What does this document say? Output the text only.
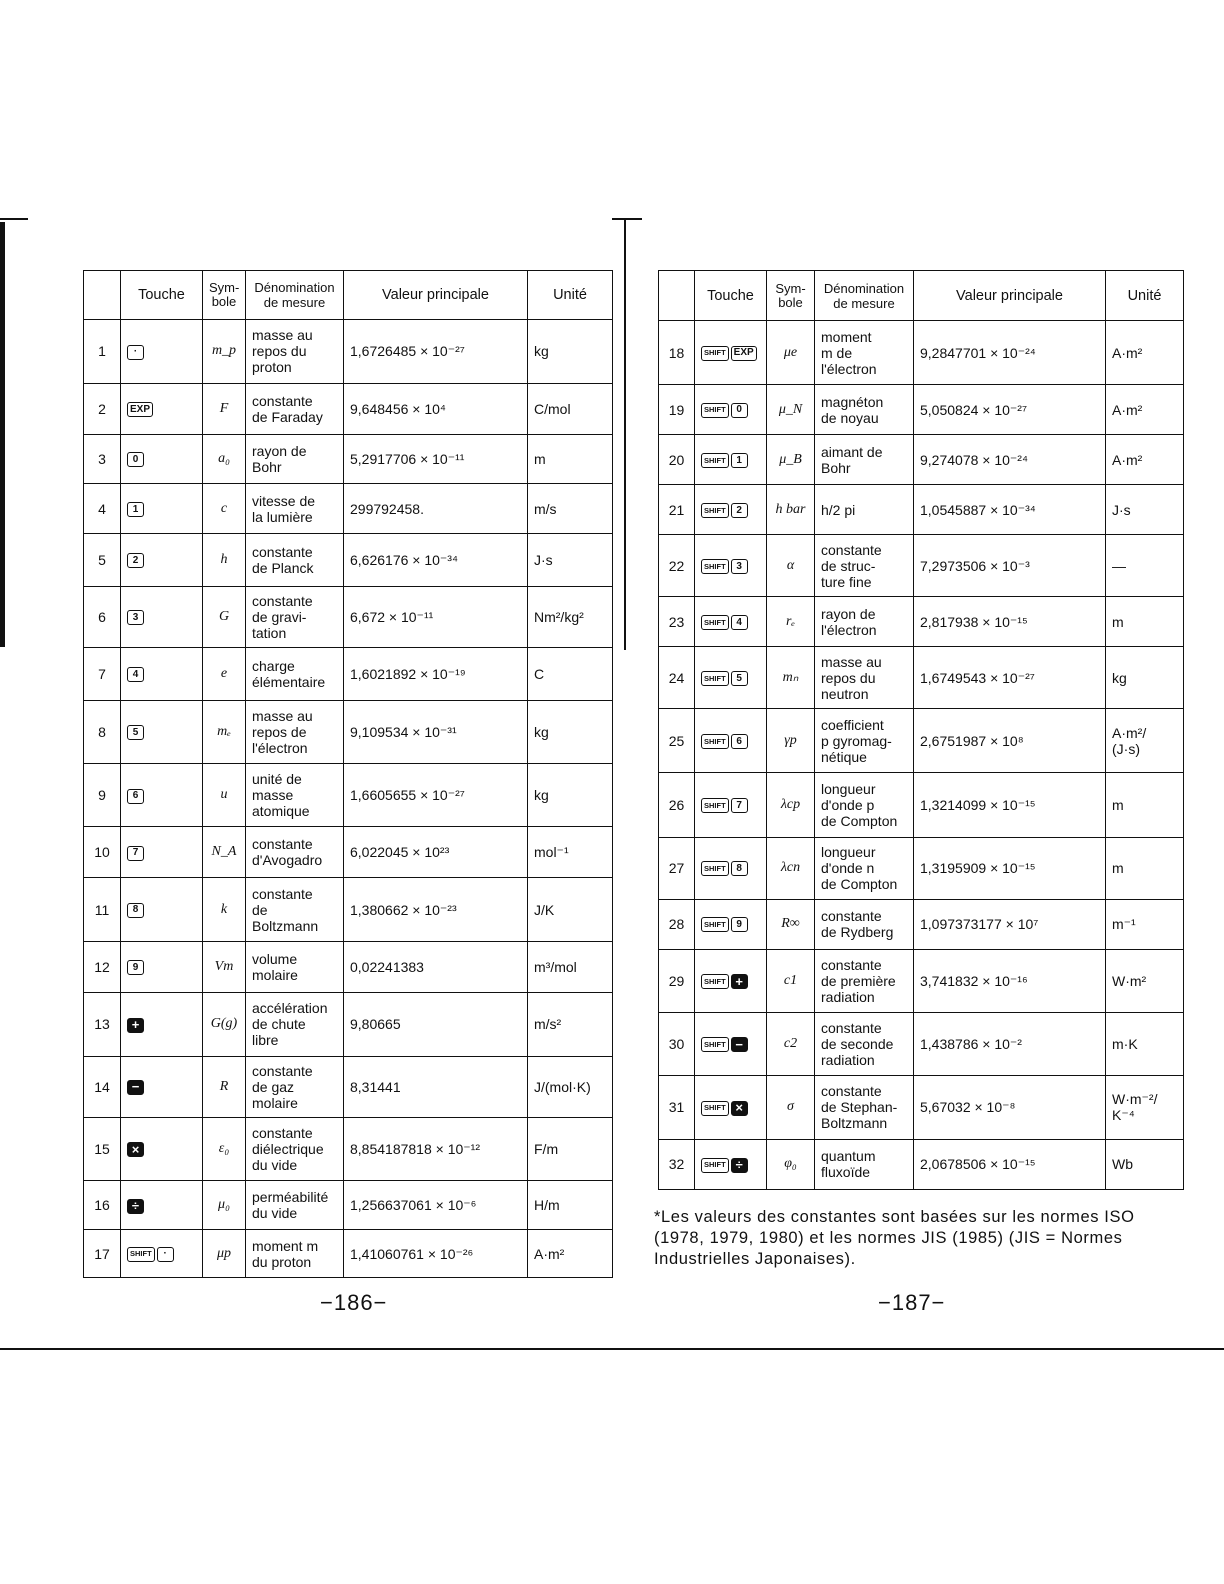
	Touche	Sym-
bole	Dénomination
de mesure	Valeur principale	Unité
1	·	m_p	masse au
repos du
proton	1,6726485 × 10⁻²⁷	kg
2	EXP	F	constante
de Faraday	9,648456 × 10⁴	C/mol
3	0	a₀	rayon de
Bohr	5,2917706 × 10⁻¹¹	m
4	1	c	vitesse de
la lumière	299792458.	m/s
5	2	h	constante
de Planck	6,626176 × 10⁻³⁴	J·s
6	3	G	constante
de gravi-
tation	6,672 × 10⁻¹¹	Nm²/kg²
7	4	e	charge
élémentaire	1,6021892 × 10⁻¹⁹	C
8	5	mₑ	masse au
repos de
l'électron	9,109534 × 10⁻³¹	kg
9	6	u	unité de
masse
atomique	1,6605655 × 10⁻²⁷	kg
10	7	N_A	constante
d'Avogadro	6,022045 × 10²³	mol⁻¹
11	8	k	constante
de
Boltzmann	1,380662 × 10⁻²³	J/K
12	9	Vm	volume
molaire	0,02241383	m³/mol
13	+	G(g)	accélération
de chute
libre	9,80665	m/s²
14	−	R	constante
de gaz
molaire	8,31441	J/(mol·K)
15	×	ε₀	constante
diélectrique
du vide	8,854187818 × 10⁻¹²	F/m
16	÷	μ₀	perméabilité
du vide	1,256637061 × 10⁻⁶	H/m
17	SHIFT ·	μp	moment m
du proton	1,41060761 × 10⁻²⁶	A·m²
	Touche	Sym-
bole	Dénomination
de mesure	Valeur principale	Unité
18	SHIFT EXP	μe	moment
m de
l'électron	9,2847701 × 10⁻²⁴	A·m²
19	SHIFT 0	μ_N	magnéton
de noyau	5,050824 × 10⁻²⁷	A·m²
20	SHIFT 1	μ_B	aimant de
Bohr	9,274078 × 10⁻²⁴	A·m²
21	SHIFT 2	h bar	h/2 pi	1,0545887 × 10⁻³⁴	J·s
22	SHIFT 3	α	constante
de struc-
ture fine	7,2973506 × 10⁻³	—
23	SHIFT 4	rₑ	rayon de
l'électron	2,817938 × 10⁻¹⁵	m
24	SHIFT 5	mₙ	masse au
repos du
neutron	1,6749543 × 10⁻²⁷	kg
25	SHIFT 6	γp	coefficient
p gyromag-
nétique	2,6751987 × 10⁸	A·m²/
(J·s)
26	SHIFT 7	λcp	longueur
d'onde p
de Compton	1,3214099 × 10⁻¹⁵	m
27	SHIFT 8	λcn	longueur
d'onde n
de Compton	1,3195909 × 10⁻¹⁵	m
28	SHIFT 9	R∞	constante
de Rydberg	1,097373177 × 10⁷	m⁻¹
29	SHIFT +	c1	constante
de première
radiation	3,741832 × 10⁻¹⁶	W·m²
30	SHIFT −	c2	constante
de seconde
radiation	1,438786 × 10⁻²	m·K
31	SHIFT ×	σ	constante
de Stephan-
Boltzmann	5,67032 × 10⁻⁸	W·m⁻²/
K⁻⁴
32	SHIFT ÷	φ₀	quantum
fluxoïde	2,0678506 × 10⁻¹⁵	Wb
*Les valeurs des constantes sont basées sur les normes ISO (1978, 1979, 1980) et les normes JIS (1985) (JIS = Normes Industrielles Japonaises).
−186−	−187−
